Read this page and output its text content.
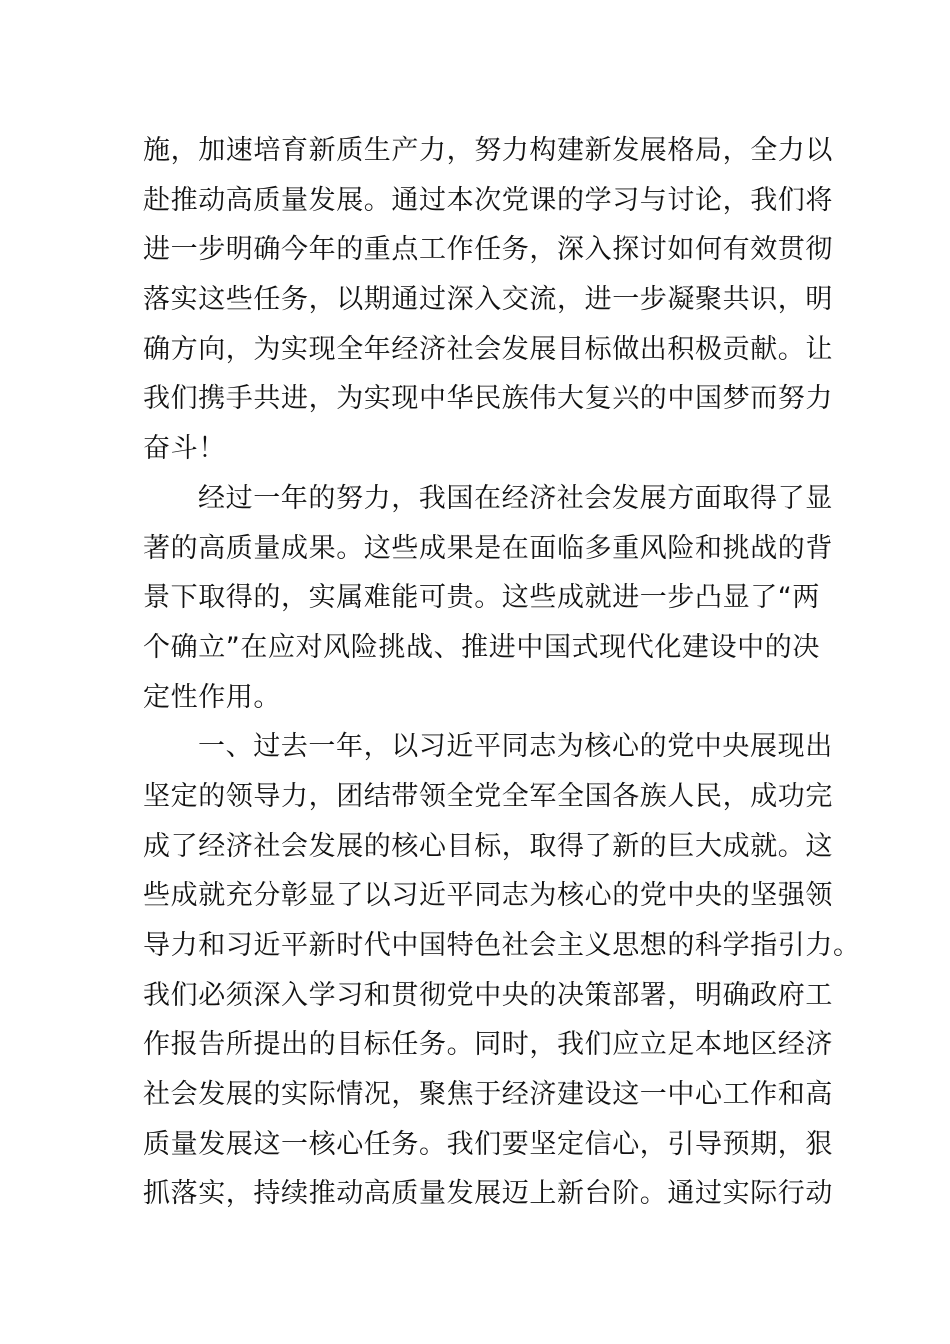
施，加速培育新质生产力，努力构建新发展格局，全力以
赴推动高质量发展。通过本次党课的学习与讨论，我们将
进一步明确今年的重点工作任务，深入探讨如何有效贯彻
落实这些任务，以期通过深入交流，进一步凝聚共识，明
确方向，为实现全年经济社会发展目标做出积极贡献。让
我们携手共进，为实现中华民族伟大复兴的中国梦而努力
奋斗！
经过一年的努力，我国在经济社会发展方面取得了显
著的高质量成果。这些成果是在面临多重风险和挑战的背
景下取得的，实属难能可贵。这些成就进一步凸显了“两
个确立”在应对风险挑战、推进中国式现代化建设中的决
定性作用。
一、过去一年，以习近平同志为核心的党中央展现出
坚定的领导力，团结带领全党全军全国各族人民，成功完
成了经济社会发展的核心目标，取得了新的巨大成就。这
些成就充分彰显了以习近平同志为核心的党中央的坚强领
导力和习近平新时代中国特色社会主义思想的科学指引力。
我们必须深入学习和贯彻党中央的决策部署，明确政府工
作报告所提出的目标任务。同时，我们应立足本地区经济
社会发展的实际情况，聚焦于经济建设这一中心工作和高
质量发展这一核心任务。我们要坚定信心，引导预期，狠
抓落实，持续推动高质量发展迈上新台阶。通过实际行动
